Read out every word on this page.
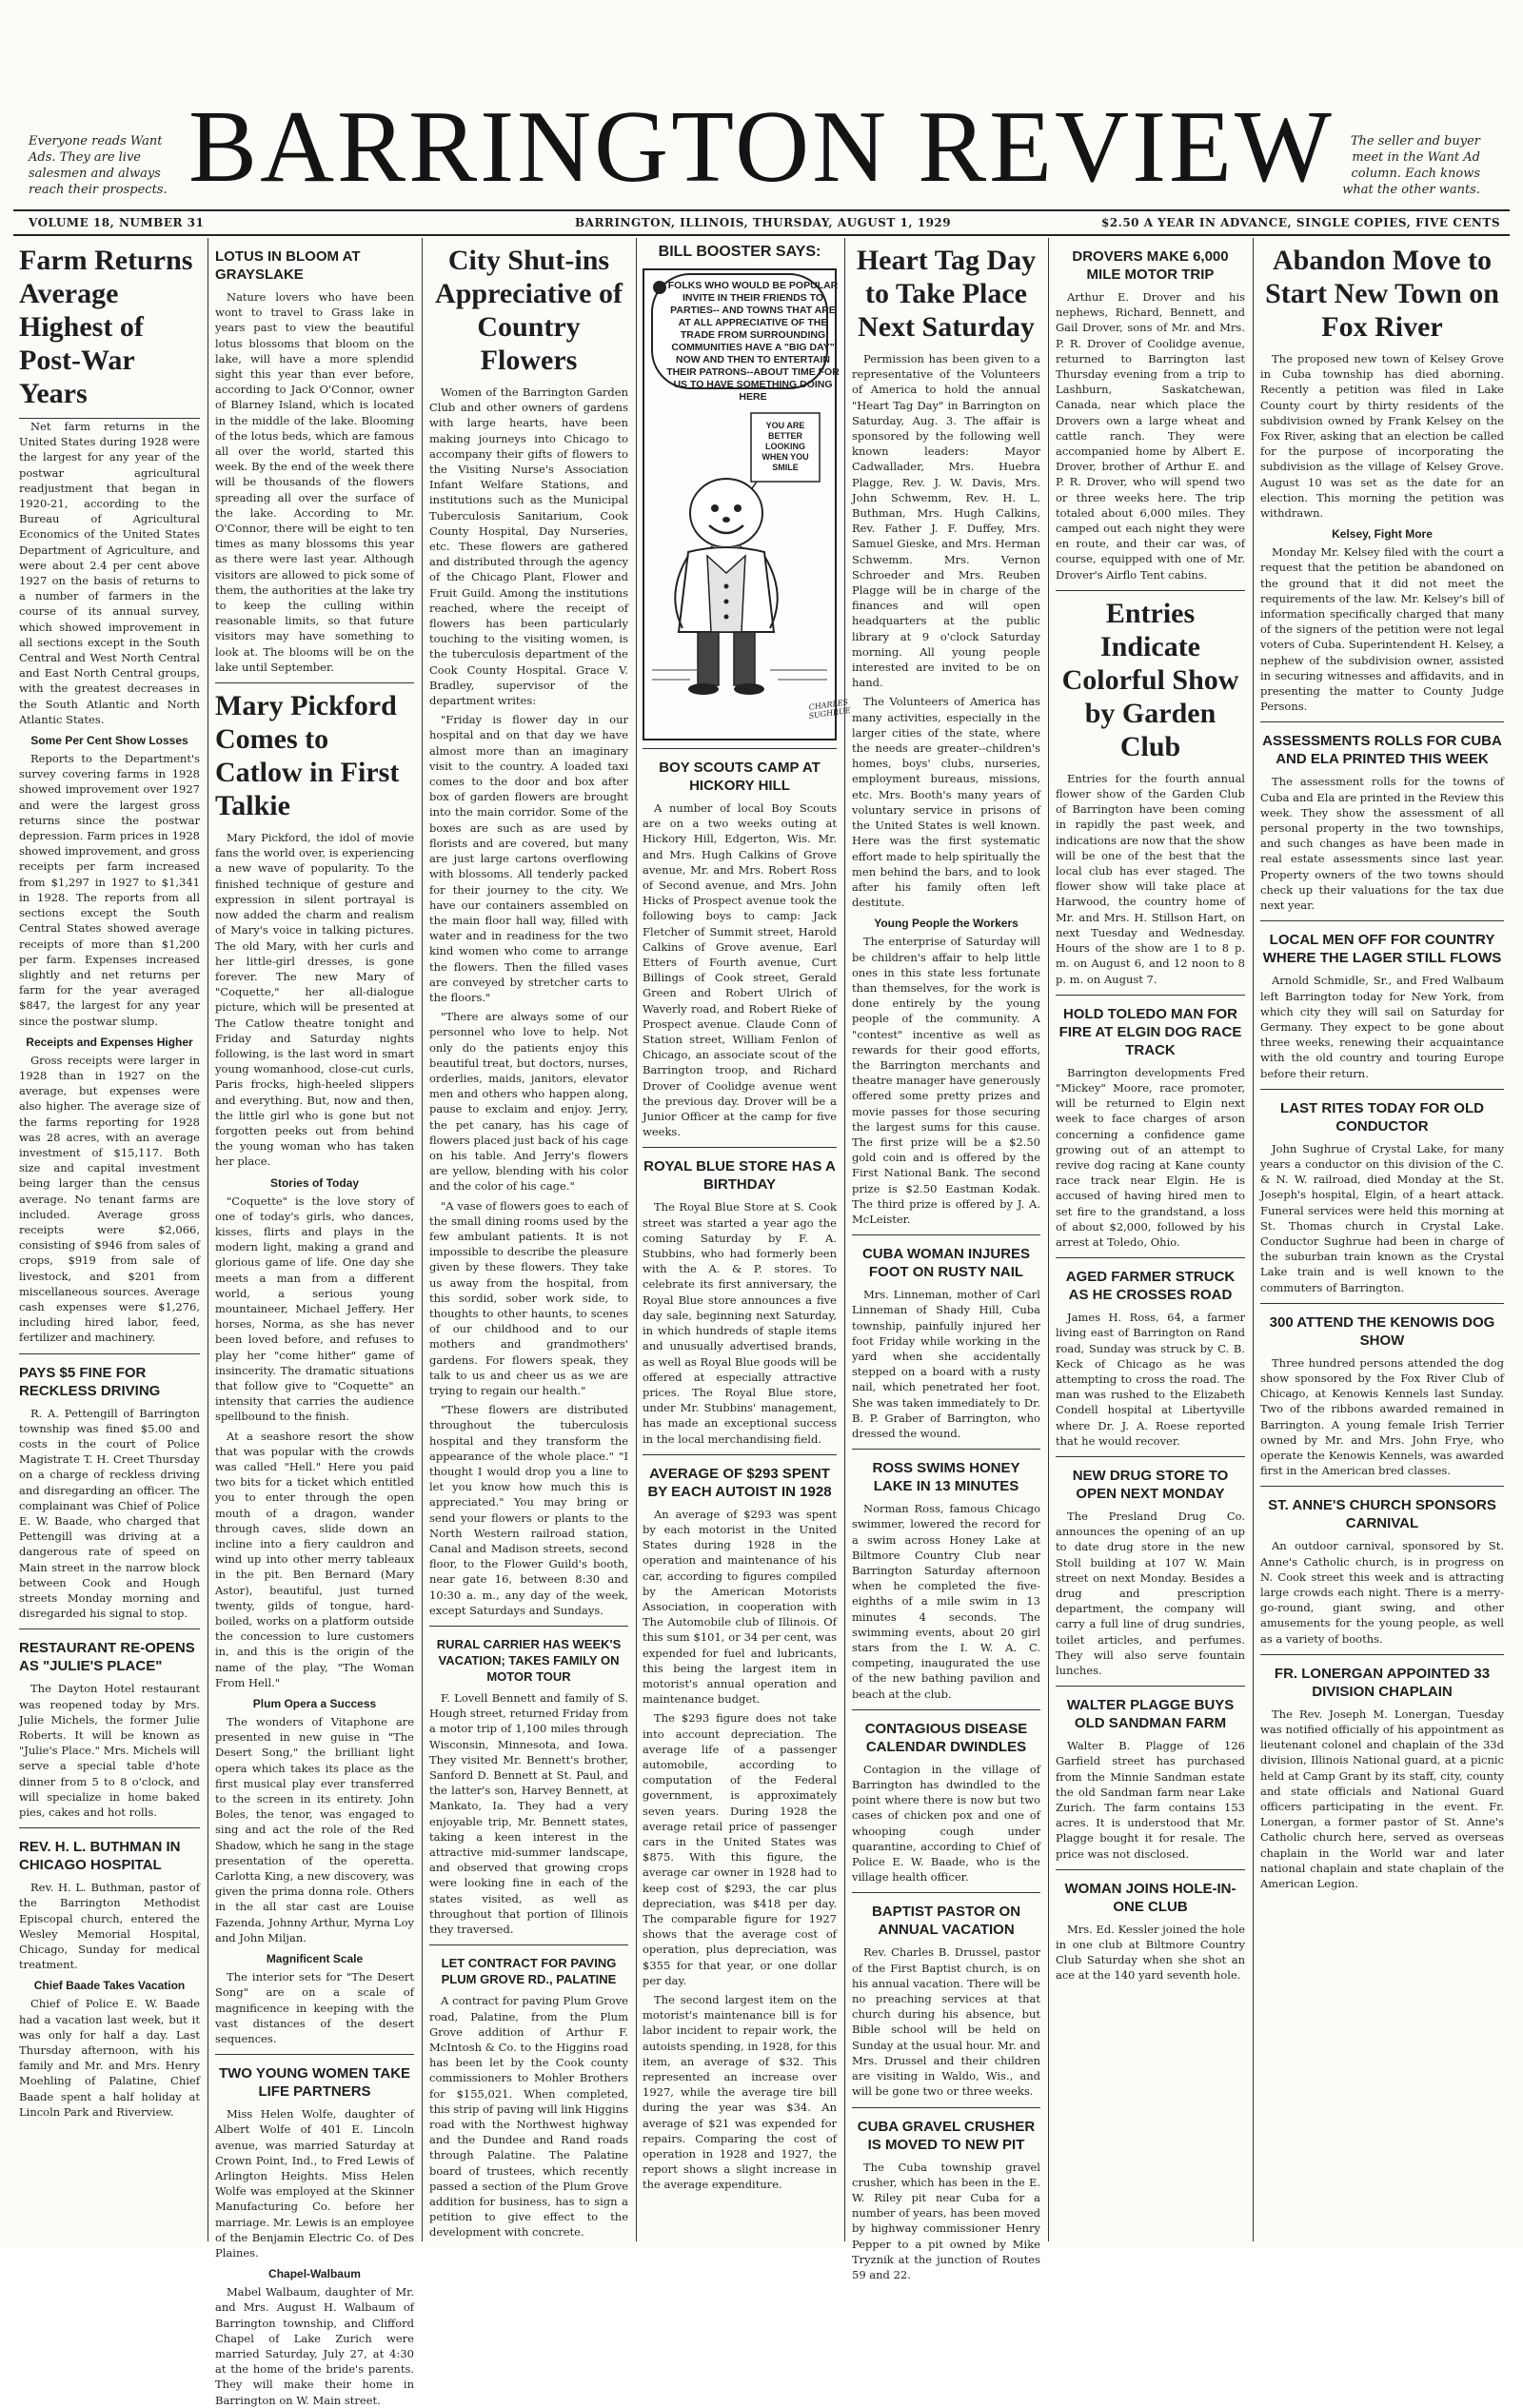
Everyone reads Want Ads. They are live salesmen and always reach their prospects. BARRINGTON REVIEW	The seller and buyer meet in the Want Ad column. Each knows what the other wants.
VOLUME 18, NUMBER 31	BARRINGTON, ILLINOIS, THURSDAY, AUGUST 1, 1929	$2.50 A YEAR IN ADVANCE, SINGLE COPIES, FIVE CENTS
Farm Returns Average Highest of Post-War Years

Net farm returns in the United States during 1928 were the largest for any year of the postwar agricultural readjustment that began in 1920-21, according to the Bureau of Agricultural Economics of the United States Department of Agriculture, and were about 2.4 per cent above 1927 on the basis of returns to a number of farmers in the course of its annual survey, which showed improvement in all sections except in the South Central and West North Central and East North Central groups, with the greatest decreases in the South Atlantic and North Atlantic States.

Some Per Cent Show Losses

Reports to the Department's survey covering farms in 1928 showed improvement over 1927 and were the largest gross returns since the postwar depression. Farm prices in 1928 showed improvement, and gross receipts per farm increased from $1,297 in 1927 to $1,341 in 1928. The reports from all sections except the South Central States showed average receipts of more than $1,200 per farm. Expenses increased slightly and net returns per farm for the year averaged $847, the largest for any year since the postwar slump.

Receipts and Expenses Higher

Gross receipts were larger in 1928 than in 1927 on the average, but expenses were also higher. The average size of the farms reporting for 1928 was 28 acres, with an average investment of $15,117. Both size and capital investment being larger than the census average. No tenant farms are included. Average gross receipts were $2,066, consisting of $946 from sales of crops, $919 from sale of livestock, and $201 from miscellaneous sources. Average cash expenses were $1,276, including hired labor, feed, fertilizer and machinery.

PAYS $5 FINE FOR RECKLESS DRIVING

R. A. Pettengill of Barrington township was fined $5.00 and costs in the court of Police Magistrate T. H. Creet Thursday on a charge of reckless driving and disregarding an officer. The complainant was Chief of Police E. W. Baade, who charged that Pettengill was driving at a dangerous rate of speed on Main street in the narrow block between Cook and Hough streets Monday morning and disregarded his signal to stop.

RESTAURANT RE-OPENS AS "JULIE'S PLACE"

The Dayton Hotel restaurant was reopened today by Mrs. Julie Michels, the former Julie Roberts. It will be known as "Julie's Place." Mrs. Michels will serve a special table d'hote dinner from 5 to 8 o'clock, and will specialize in home baked pies, cakes and hot rolls.

REV. H. L. BUTHMAN IN CHICAGO HOSPITAL

Rev. H. L. Buthman, pastor of the Barrington Methodist Episcopal church, entered the Wesley Memorial Hospital, Chicago, Sunday for medical treatment.

Chief Baade Takes Vacation

Chief of Police E. W. Baade had a vacation last week, but it was only for half a day. Last Thursday afternoon, with his family and Mr. and Mrs. Henry Moehling of Palatine, Chief Baade spent a half holiday at Lincoln Park and Riverview.

LOTUS IN BLOOM AT GRAYSLAKE

Nature lovers who have been wont to travel to Grass lake in years past to view the beautiful lotus blossoms that bloom on the lake, will have a more splendid sight this year than ever before, according to Jack O'Connor, owner of Blarney Island, which is located in the middle of the lake. Blooming of the lotus beds, which are famous all over the world, started this week. By the end of the week there will be thousands of the flowers spreading all over the surface of the lake. According to Mr. O'Connor, there will be eight to ten times as many blossoms this year as there were last year. Although visitors are allowed to pick some of them, the authorities at the lake try to keep the culling within reasonable limits, so that future visitors may have something to look at. The blooms will be on the lake until September.

Mary Pickford Comes to Catlow in First Talkie

Mary Pickford, the idol of movie fans the world over, is experiencing a new wave of popularity. To the finished technique of gesture and expression in silent portrayal is now added the charm and realism of Mary's voice in talking pictures. The old Mary, with her curls and her little-girl dresses, is gone forever. The new Mary of "Coquette," her all-dialogue picture, which will be presented at The Catlow theatre tonight and Friday and Saturday nights following, is the last word in smart young womanhood, close-cut curls, Paris frocks, high-heeled slippers and everything. But, now and then, the little girl who is gone but not forgotten peeks out from behind the young woman who has taken her place.

Stories of Today

"Coquette" is the love story of one of today's girls, who dances, kisses, flirts and plays in the modern light, making a grand and glorious game of life. One day she meets a man from a different world, a serious young mountaineer, Michael Jeffery. Her horses, Norma, as she has never been loved before, and refuses to play her "come hither" game of insincerity. The dramatic situations that follow give to "Coquette" an intensity that carries the audience spellbound to the finish.

At a seashore resort the show that was popular with the crowds was called "Hell." Here you paid two bits for a ticket which entitled you to enter through the open mouth of a dragon, wander through caves, slide down an incline into a fiery cauldron and wind up into other merry tableaux in the pit. Ben Bernard (Mary Astor), beautiful, just turned twenty, gilds of tongue, hard-boiled, works on a platform outside the concession to lure customers in, and this is the origin of the name of the play, "The Woman From Hell."

Plum Opera a Success

The wonders of Vitaphone are presented in new guise in "The Desert Song," the brilliant light opera which takes its place as the first musical play ever transferred to the screen in its entirety. John Boles, the tenor, was engaged to sing and act the role of the Red Shadow, which he sang in the stage presentation of the operetta. Carlotta King, a new discovery, was given the prima donna role. Others in the all star cast are Louise Fazenda, Johnny Arthur, Myrna Loy and John Miljan.

Magnificent Scale

The interior sets for "The Desert Song" are on a scale of magnificence in keeping with the vast distances of the desert sequences.

TWO YOUNG WOMEN TAKE LIFE PARTNERS

Miss Helen Wolfe, daughter of Albert Wolfe of 401 E. Lincoln avenue, was married Saturday at Crown Point, Ind., to Fred Lewis of Arlington Heights. Miss Helen Wolfe was employed at the Skinner Manufacturing Co. before her marriage. Mr. Lewis is an employee of the Benjamin Electric Co. of Des Plaines.

Chapel-Walbaum

Mabel Walbaum, daughter of Mr. and Mrs. August H. Walbaum of Barrington township, and Clifford Chapel of Lake Zurich were married Saturday, July 27, at 4:30 at the home of the bride's parents. They will make their home in Barrington on W. Main street.

City Shut-ins Appreciative of Country Flowers

Women of the Barrington Garden Club and other owners of gardens with large hearts, have been making journeys into Chicago to accompany their gifts of flowers to the Visiting Nurse's Association Infant Welfare Stations, and institutions such as the Municipal Tuberculosis Sanitarium, Cook County Hospital, Day Nurseries, etc. These flowers are gathered and distributed through the agency of the Chicago Plant, Flower and Fruit Guild. Among the institutions reached, where the receipt of flowers has been particularly touching to the visiting women, is the tuberculosis department of the Cook County Hospital. Grace V. Bradley, supervisor of the department writes:

"Friday is flower day in our hospital and on that day we have almost more than an imaginary visit to the country. A loaded taxi comes to the door and box after box of garden flowers are brought into the main corridor. Some of the boxes are such as are used by florists and are covered, but many are just large cartons overflowing with blossoms. All tenderly packed for their journey to the city. We have our containers assembled on the main floor hall way, filled with water and in readiness for the two kind women who come to arrange the flowers. Then the filled vases are conveyed by stretcher carts to the floors."

"There are always some of our personnel who love to help. Not only do the patients enjoy this beautiful treat, but doctors, nurses, orderlies, maids, janitors, elevator men and others who happen along, pause to exclaim and enjoy. Jerry, the pet canary, has his cage of flowers placed just back of his cage on his table. And Jerry's flowers are yellow, blending with his color and the color of his cage."

"A vase of flowers goes to each of the small dining rooms used by the few ambulant patients. It is not impossible to describe the pleasure given by these flowers. They take us away from the hospital, from this sordid, sober work side, to thoughts to other haunts, to scenes of our childhood and to our mothers and grandmothers' gardens. For flowers speak, they talk to us and cheer us as we are trying to regain our health."

"These flowers are distributed throughout the tuberculosis hospital and they transform the appearance of the whole place." "I thought I would drop you a line to let you know how much this is appreciated." You may bring or send your flowers or plants to the North Western railroad station, Canal and Madison streets, second floor, to the Flower Guild's booth, near gate 16, between 8:30 and 10:30 a. m., any day of the week, except Saturdays and Sundays.

RURAL CARRIER HAS WEEK'S VACATION; TAKES FAMILY ON MOTOR TOUR

F. Lovell Bennett and family of S. Hough street, returned Friday from a motor trip of 1,100 miles through Wisconsin, Minnesota, and Iowa. They visited Mr. Bennett's brother, Sanford D. Bennett at St. Paul, and the latter's son, Harvey Bennett, at Mankato, Ia. They had a very enjoyable trip, Mr. Bennett states, taking a keen interest in the attractive mid-summer landscape, and observed that growing crops were looking fine in each of the states visited, as well as throughout that portion of Illinois they traversed.

LET CONTRACT FOR PAVING PLUM GROVE RD., PALATINE

A contract for paving Plum Grove road, Palatine, from the Plum Grove addition of Arthur F. McIntosh & Co. to the Higgins road has been let by the Cook county commissioners to Mohler Brothers for $155,021. When completed, this strip of paving will link Higgins road with the Northwest highway and the Dundee and Rand roads through Palatine. The Palatine board of trustees, which recently passed a section of the Plum Grove addition for business, has to sign a petition to give effect to the development with concrete.

BILL BOOSTER SAYS:
FOLKS WHO WOULD BE POPULAR INVITE IN THEIR FRIENDS TO PARTIES-- AND TOWNS THAT ARE AT ALL APPRECIATIVE OF THE TRADE FROM SURROUNDING COMMUNITIES HAVE A "BIG DAY" NOW AND THEN TO ENTERTAIN THEIR PATRONS--ABOUT TIME FOR US TO HAVE SOMETHING DOING HERE
YOU ARE BETTER LOOKING WHEN YOU SMILE
CHARLES SUGHRUE
BOY SCOUTS CAMP AT HICKORY HILL

A number of local Boy Scouts are on a two weeks outing at Hickory Hill, Edgerton, Wis. Mr. and Mrs. Hugh Calkins of Grove avenue, Mr. and Mrs. Robert Ross of Second avenue, and Mrs. John Hicks of Prospect avenue took the following boys to camp: Jack Fletcher of Summit street, Harold Calkins of Grove avenue, Earl Etters of Fourth avenue, Curt Billings of Cook street, Gerald Green and Robert Ulrich of Waverly road, and Robert Rieke of Prospect avenue. Claude Conn of Station street, William Fenlon of Chicago, an associate scout of the Barrington troop, and Richard Drover of Coolidge avenue went the previous day. Drover will be a Junior Officer at the camp for five weeks.

ROYAL BLUE STORE HAS A BIRTHDAY

The Royal Blue Store at S. Cook street was started a year ago the coming Saturday by F. A. Stubbins, who had formerly been with the A. & P. stores. To celebrate its first anniversary, the Royal Blue store announces a five day sale, beginning next Saturday, in which hundreds of staple items and unusually advertised brands, as well as Royal Blue goods will be offered at especially attractive prices. The Royal Blue store, under Mr. Stubbins' management, has made an exceptional success in the local merchandising field.

AVERAGE OF $293 SPENT BY EACH AUTOIST IN 1928

An average of $293 was spent by each motorist in the United States during 1928 in the operation and maintenance of his car, according to figures compiled by the American Motorists Association, in cooperation with The Automobile club of Illinois. Of this sum $101, or 34 per cent, was expended for fuel and lubricants, this being the largest item in motorist's annual operation and maintenance budget.

The $293 figure does not take into account depreciation. The average life of a passenger automobile, according to computation of the Federal government, is approximately seven years. During 1928 the average retail price of passenger cars in the United States was $875. With this figure, the average car owner in 1928 had to keep cost of $293, the car plus depreciation, was $418 per day. The comparable figure for 1927 shows that the average cost of operation, plus depreciation, was $355 for that year, or one dollar per day.

The second largest item on the motorist's maintenance bill is for labor incident to repair work, the autoists spending, in 1928, for this item, an average of $32. This represented an increase over 1927, while the average tire bill during the year was $34. An average of $21 was expended for repairs. Comparing the cost of operation in 1928 and 1927, the report shows a slight increase in the average expenditure.

Heart Tag Day to Take Place Next Saturday

Permission has been given to a representative of the Volunteers of America to hold the annual "Heart Tag Day" in Barrington on Saturday, Aug. 3. The affair is sponsored by the following well known leaders: Mayor Cadwallader, Mrs. Huebra Plagge, Rev. J. W. Davis, Mrs. John Schwemm, Rev. H. L. Buthman, Mrs. Hugh Calkins, Rev. Father J. F. Duffey, Mrs. Samuel Gieske, and Mrs. Herman Schwemm. Mrs. Vernon Schroeder and Mrs. Reuben Plagge will be in charge of the finances and will open headquarters at the public library at 9 o'clock Saturday morning. All young people interested are invited to be on hand.

The Volunteers of America has many activities, especially in the larger cities of the state, where the needs are greater--children's homes, boys' clubs, nurseries, employment bureaus, missions, etc. Mrs. Booth's many years of voluntary service in prisons of the United States is well known. Here was the first systematic effort made to help spiritually the men behind the bars, and to look after his family often left destitute.

Young People the Workers

The enterprise of Saturday will be children's affair to help little ones in this state less fortunate than themselves, for the work is done entirely by the young people of the community. A "contest" incentive as well as rewards for their good efforts, the Barrington merchants and theatre manager have generously offered some pretty prizes and movie passes for those securing the largest sums for this cause. The first prize will be a $2.50 gold coin and is offered by the First National Bank. The second prize is $2.50 Eastman Kodak. The third prize is offered by J. A. McLeister.

CUBA WOMAN INJURES FOOT ON RUSTY NAIL

Mrs. Linneman, mother of Carl Linneman of Shady Hill, Cuba township, painfully injured her foot Friday while working in the yard when she accidentally stepped on a board with a rusty nail, which penetrated her foot. She was taken immediately to Dr. B. P. Graber of Barrington, who dressed the wound.

ROSS SWIMS HONEY LAKE IN 13 MINUTES

Norman Ross, famous Chicago swimmer, lowered the record for a swim across Honey Lake at Biltmore Country Club near Barrington Saturday afternoon when he completed the five-eighths of a mile swim in 13 minutes 4 seconds. The swimming events, about 20 girl stars from the I. W. A. C. competing, inaugurated the use of the new bathing pavilion and beach at the club.

CONTAGIOUS DISEASE CALENDAR DWINDLES

Contagion in the village of Barrington has dwindled to the point where there is now but two cases of chicken pox and one of whooping cough under quarantine, according to Chief of Police E. W. Baade, who is the village health officer.

BAPTIST PASTOR ON ANNUAL VACATION

Rev. Charles B. Drussel, pastor of the First Baptist church, is on his annual vacation. There will be no preaching services at that church during his absence, but Bible school will be held on Sunday at the usual hour. Mr. and Mrs. Drussel and their children are visiting in Waldo, Wis., and will be gone two or three weeks.

CUBA GRAVEL CRUSHER IS MOVED TO NEW PIT

The Cuba township gravel crusher, which has been in the E. W. Riley pit near Cuba for a number of years, has been moved by highway commissioner Henry Pepper to a pit owned by Mike Tryznik at the junction of Routes 59 and 22.

DROVERS MAKE 6,000 MILE MOTOR TRIP

Arthur E. Drover and his nephews, Richard, Bennett, and Gail Drover, sons of Mr. and Mrs. P. R. Drover of Coolidge avenue, returned to Barrington last Thursday evening from a trip to Lashburn, Saskatchewan, Canada, near which place the Drovers own a large wheat and cattle ranch. They were accompanied home by Albert E. Drover, brother of Arthur E. and P. R. Drover, who will spend two or three weeks here. The trip totaled about 6,000 miles. They camped out each night they were en route, and their car was, of course, equipped with one of Mr. Drover's Airflo Tent cabins.

Entries Indicate Colorful Show by Garden Club

Entries for the fourth annual flower show of the Garden Club of Barrington have been coming in rapidly the past week, and indications are now that the show will be one of the best that the local club has ever staged. The flower show will take place at Harwood, the country home of Mr. and Mrs. H. Stillson Hart, on next Tuesday and Wednesday. Hours of the show are 1 to 8 p. m. on August 6, and 12 noon to 8 p. m. on August 7.

HOLD TOLEDO MAN FOR FIRE AT ELGIN DOG RACE TRACK

Barrington developments Fred "Mickey" Moore, race promoter, will be returned to Elgin next week to face charges of arson concerning a confidence game growing out of an attempt to revive dog racing at Kane county race track near Elgin. He is accused of having hired men to set fire to the grandstand, a loss of about $2,000, followed by his arrest at Toledo, Ohio.

AGED FARMER STRUCK AS HE CROSSES ROAD

James H. Ross, 64, a farmer living east of Barrington on Rand road, Sunday was struck by C. B. Keck of Chicago as he was attempting to cross the road. The man was rushed to the Elizabeth Condell hospital at Libertyville where Dr. J. A. Roese reported that he would recover.

NEW DRUG STORE TO OPEN NEXT MONDAY

The Presland Drug Co. announces the opening of an up to date drug store in the new Stoll building at 107 W. Main street on next Monday. Besides a drug and prescription department, the company will carry a full line of drug sundries, toilet articles, and perfumes. They will also serve fountain lunches.

WALTER PLAGGE BUYS OLD SANDMAN FARM

Walter B. Plagge of 126 Garfield street has purchased from the Minnie Sandman estate the old Sandman farm near Lake Zurich. The farm contains 153 acres. It is understood that Mr. Plagge bought it for resale. The price was not disclosed.

WOMAN JOINS HOLE-IN-ONE CLUB

Mrs. Ed. Kessler joined the hole in one club at Biltmore Country Club Saturday when she shot an ace at the 140 yard seventh hole.

Abandon Move to Start New Town on Fox River

The proposed new town of Kelsey Grove in Cuba township has died aborning. Recently a petition was filed in Lake County court by thirty residents of the subdivision owned by Frank Kelsey on the Fox River, asking that an election be called for the purpose of incorporating the subdivision as the village of Kelsey Grove. August 10 was set as the date for an election. This morning the petition was withdrawn.

Kelsey, Fight More

Monday Mr. Kelsey filed with the court a request that the petition be abandoned on the ground that it did not meet the requirements of the law. Mr. Kelsey's bill of information specifically charged that many of the signers of the petition were not legal voters of Cuba. Superintendent H. Kelsey, a nephew of the subdivision owner, assisted in securing witnesses and affidavits, and in presenting the matter to County Judge Persons.

ASSESSMENTS ROLLS FOR CUBA AND ELA PRINTED THIS WEEK

The assessment rolls for the towns of Cuba and Ela are printed in the Review this week. They show the assessment of all personal property in the two townships, and such changes as have been made in real estate assessments since last year. Property owners of the two towns should check up their valuations for the tax due next year.

LOCAL MEN OFF FOR COUNTRY WHERE THE LAGER STILL FLOWS

Arnold Schmidle, Sr., and Fred Walbaum left Barrington today for New York, from which city they will sail on Saturday for Germany. They expect to be gone about three weeks, renewing their acquaintance with the old country and touring Europe before their return.

LAST RITES TODAY FOR OLD CONDUCTOR

John Sughrue of Crystal Lake, for many years a conductor on this division of the C. & N. W. railroad, died Monday at the St. Joseph's hospital, Elgin, of a heart attack. Funeral services were held this morning at St. Thomas church in Crystal Lake. Conductor Sughrue had been in charge of the suburban train known as the Crystal Lake train and is well known to the commuters of Barrington.

300 ATTEND THE KENOWIS DOG SHOW

Three hundred persons attended the dog show sponsored by the Fox River Club of Chicago, at Kenowis Kennels last Sunday. Two of the ribbons awarded remained in Barrington. A young female Irish Terrier owned by Mr. and Mrs. John Frye, who operate the Kenowis Kennels, was awarded first in the American bred classes.

ST. ANNE'S CHURCH SPONSORS CARNIVAL

An outdoor carnival, sponsored by St. Anne's Catholic church, is in progress on N. Cook street this week and is attracting large crowds each night. There is a merry-go-round, giant swing, and other amusements for the young people, as well as a variety of booths.

FR. LONERGAN APPOINTED 33 DIVISION CHAPLAIN

The Rev. Joseph M. Lonergan, Tuesday was notified officially of his appointment as lieutenant colonel and chaplain of the 33d division, Illinois National guard, at a picnic held at Camp Grant by its staff, city, county and state officials and National Guard officers participating in the event. Fr. Lonergan, a former pastor of St. Anne's Catholic church here, served as overseas chaplain in the World war and later national chaplain and state chaplain of the American Legion.
